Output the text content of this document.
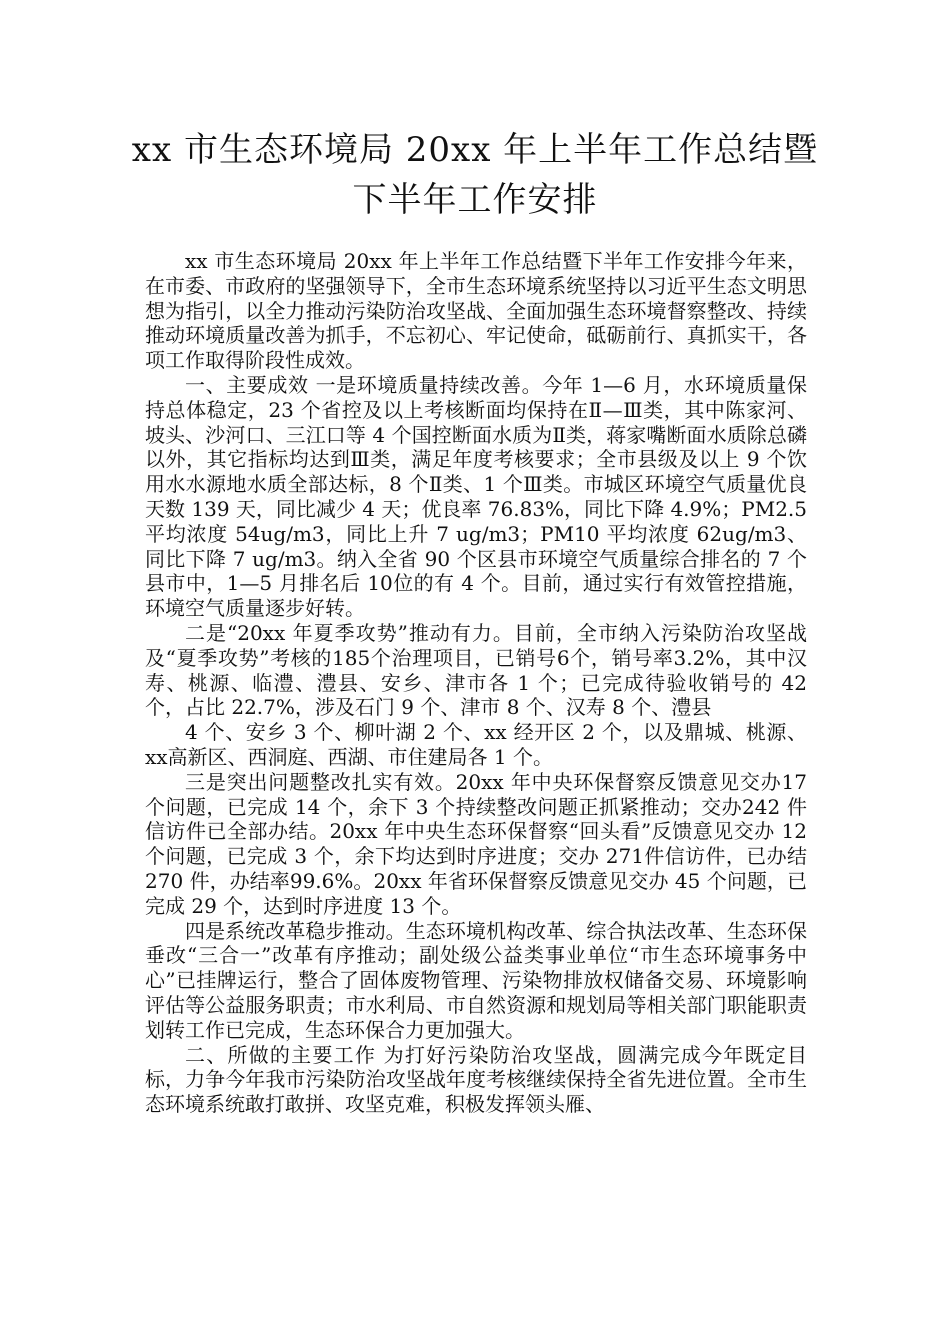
xx 市生态环境局 20xx 年上半年工作总结暨
下半年工作安排

xx 市生态环境局 20xx 年上半年工作总结暨下半年工作安排今年来，在市委、市政府的坚强领导下，全市生态环境系统坚持以习近平生态文明思想为指引，以全力推动污染防治攻坚战、全面加强生态环境督察整改、持续推动环境质量改善为抓手，不忘初心、牢记使命，砥砺前行、真抓实干，各项工作取得阶段性成效。

一、主要成效 一是环境质量持续改善。今年 1—6 月，水环境质量保持总体稳定，23 个省控及以上考核断面均保持在Ⅱ—Ⅲ类，其中陈家河、坡头、沙河口、三江口等 4 个国控断面水质为Ⅱ类，蒋家嘴断面水质除总磷以外，其它指标均达到Ⅲ类，满足年度考核要求；全市县级及以上 9 个饮用水水源地水质全部达标，8 个Ⅱ类、1 个Ⅲ类。市城区环境空气质量优良天数 139 天，同比减少 4 天；优良率 76.83%，同比下降 4.9%；PM2.5 平均浓度 54ug/m3，同比上升 7 ug/m3；PM10 平均浓度 62ug/m3、同比下降 7 ug/m3。纳入全省 90 个区县市环境空气质量综合排名的 7 个县市中，1—5 月排名后 10位的有 4 个。目前，通过实行有效管控措施，环境空气质量逐步好转。

二是“20xx 年夏季攻势”推动有力。目前，全市纳入污染防治攻坚战及“夏季攻势”考核的185个治理项目，已销号6个，销号率3.2%，其中汉寿、桃源、临澧、澧县、安乡、津市各 1 个；已完成待验收销号的 42 个，占比 22.7%，涉及石门 9 个、津市 8 个、汉寿 8 个、澧县

4 个、安乡 3 个、柳叶湖 2 个、xx 经开区 2 个，以及鼎城、桃源、xx高新区、西洞庭、西湖、市住建局各 1 个。

三是突出问题整改扎实有效。20xx 年中央环保督察反馈意见交办17 个问题，已完成 14 个，余下 3 个持续整改问题正抓紧推动；交办242 件信访件已全部办结。20xx 年中央生态环保督察“回头看”反馈意见交办 12 个问题，已完成 3 个，余下均达到时序进度；交办 271件信访件，已办结 270 件，办结率99.6%。20xx 年省环保督察反馈意见交办 45 个问题，已完成 29 个，达到时序进度 13 个。

四是系统改革稳步推动。生态环境机构改革、综合执法改革、生态环保垂改“三合一”改革有序推动；副处级公益类事业单位“市生态环境事务中心”已挂牌运行，整合了固体废物管理、污染物排放权储备交易、环境影响评估等公益服务职责；市水利局、市自然资源和规划局等相关部门职能职责划转工作已完成，生态环保合力更加强大。

二、所做的主要工作 为打好污染防治攻坚战，圆满完成今年既定目标，力争今年我市污染防治攻坚战年度考核继续保持全省先进位置。全市生态环境系统敢打敢拼、攻坚克难，积极发挥领头雁、
